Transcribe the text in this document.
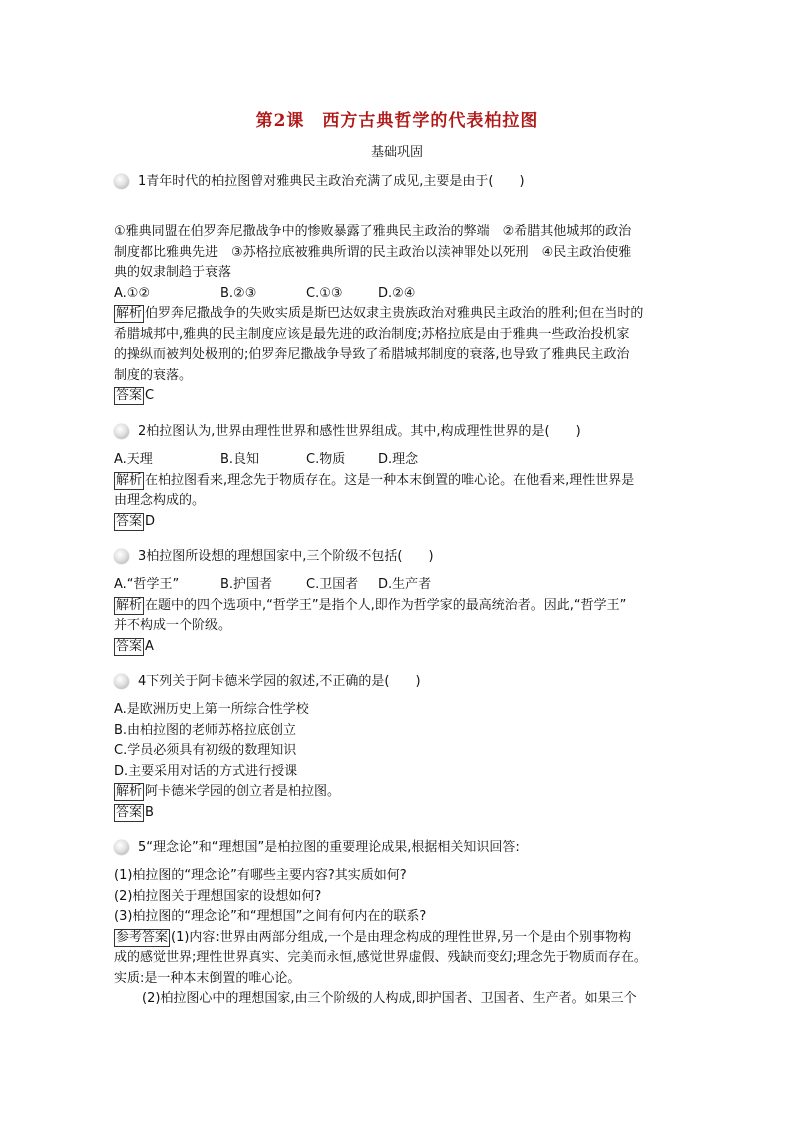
第2课　西方古典哲学的代表柏拉图
基础巩固
1青年时代的柏拉图曾对雅典民主政治充满了成见,主要是由于(　　)
①雅典同盟在伯罗奔尼撒战争中的惨败暴露了雅典民主政治的弊端　②希腊其他城邦的政治
制度都比雅典先进　③苏格拉底被雅典所谓的民主政治以渎神罪处以死刑　④民主政治使雅
典的奴隶制趋于衰落
A.①②	B.②③	C.①③	D.②④
解析 伯罗奔尼撒战争的失败实质是斯巴达奴隶主贵族政治对雅典民主政治的胜利;但在当时的
希腊城邦中,雅典的民主制度应该是最先进的政治制度;苏格拉底是由于雅典一些政治投机家
的操纵而被判处极刑的;伯罗奔尼撒战争导致了希腊城邦制度的衰落,也导致了雅典民主政治
制度的衰落。
答案 C
2柏拉图认为,世界由理性世界和感性世界组成。其中,构成理性世界的是(　　)
A.天理	B.良知	C.物质	D.理念
解析 在柏拉图看来,理念先于物质存在。这是一种本末倒置的唯心论。在他看来,理性世界是
由理念构成的。
答案 D
3柏拉图所设想的理想国家中,三个阶级不包括(　　)
A.“哲学王”	B.护国者	C.卫国者 D.生产者
解析 在题中的四个选项中,“哲学王”是指个人,即作为哲学家的最高统治者。因此,“哲学王”
并不构成一个阶级。
答案 A
4下列关于阿卡德米学园的叙述,不正确的是(　　)
A.是欧洲历史上第一所综合性学校
B.由柏拉图的老师苏格拉底创立
C.学员必须具有初级的数理知识
D.主要采用对话的方式进行授课
解析 阿卡德米学园的创立者是柏拉图。
答案 B
5“理念论”和“理想国”是柏拉图的重要理论成果,根据相关知识回答:
(1)柏拉图的“理念论”有哪些主要内容?其实质如何?
(2)柏拉图关于理想国家的设想如何?
(3)柏拉图的“理念论”和“理想国”之间有何内在的联系?
参考答案 (1)内容:世界由两部分组成,一个是由理念构成的理性世界,另一个是由个别事物构
成的感觉世界;理性世界真实、完美而永恒,感觉世界虚假、残缺而变幻;理念先于物质而存在。
实质:是一种本末倒置的唯心论。
(2)柏拉图心中的理想国家,由三个阶级的人构成,即护国者、卫国者、生产者。如果三个
